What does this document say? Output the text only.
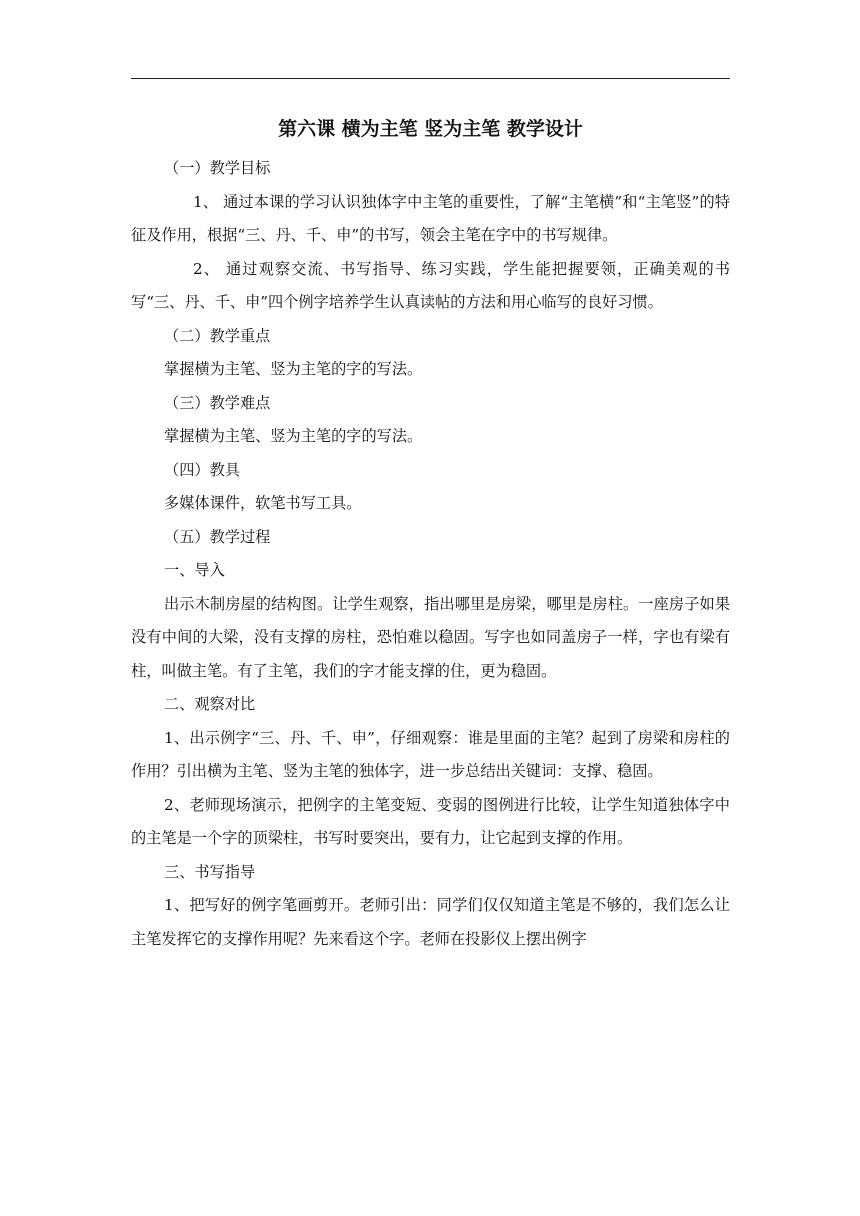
第六课 横为主笔 竖为主笔 教学设计

（一）教学目标

1、 通过本课的学习认识独体字中主笔的重要性，了解“主笔横”和“主笔竖”的特征及作用，根据“三、丹、千、申”的书写，领会主笔在字中的书写规律。

2、 通过观察交流、书写指导、练习实践，学生能把握要领，正确美观的书写“三、丹、千、申”四个例字培养学生认真读帖的方法和用心临写的良好习惯。

（二）教学重点

掌握横为主笔、竖为主笔的字的写法。

（三）教学难点

掌握横为主笔、竖为主笔的字的写法。

（四）教具

多媒体课件，软笔书写工具。

（五）教学过程

一、导入

出示木制房屋的结构图。让学生观察，指出哪里是房梁，哪里是房柱。一座房子如果没有中间的大梁，没有支撑的房柱，恐怕难以稳固。写字也如同盖房子一样，字也有梁有柱，叫做主笔。有了主笔，我们的字才能支撑的住，更为稳固。

二、观察对比

1、出示例字“三、丹、千、申”，仔细观察：谁是里面的主笔？起到了房梁和房柱的作用？引出横为主笔、竖为主笔的独体字，进一步总结出关键词：支撑、稳固。

2、老师现场演示，把例字的主笔变短、变弱的图例进行比较，让学生知道独体字中的主笔是一个字的顶梁柱，书写时要突出，要有力，让它起到支撑的作用。

三、书写指导

1、把写好的例字笔画剪开。老师引出：同学们仅仅知道主笔是不够的，我们怎么让主笔发挥它的支撑作用呢？先来看这个字。老师在投影仪上摆出例字
